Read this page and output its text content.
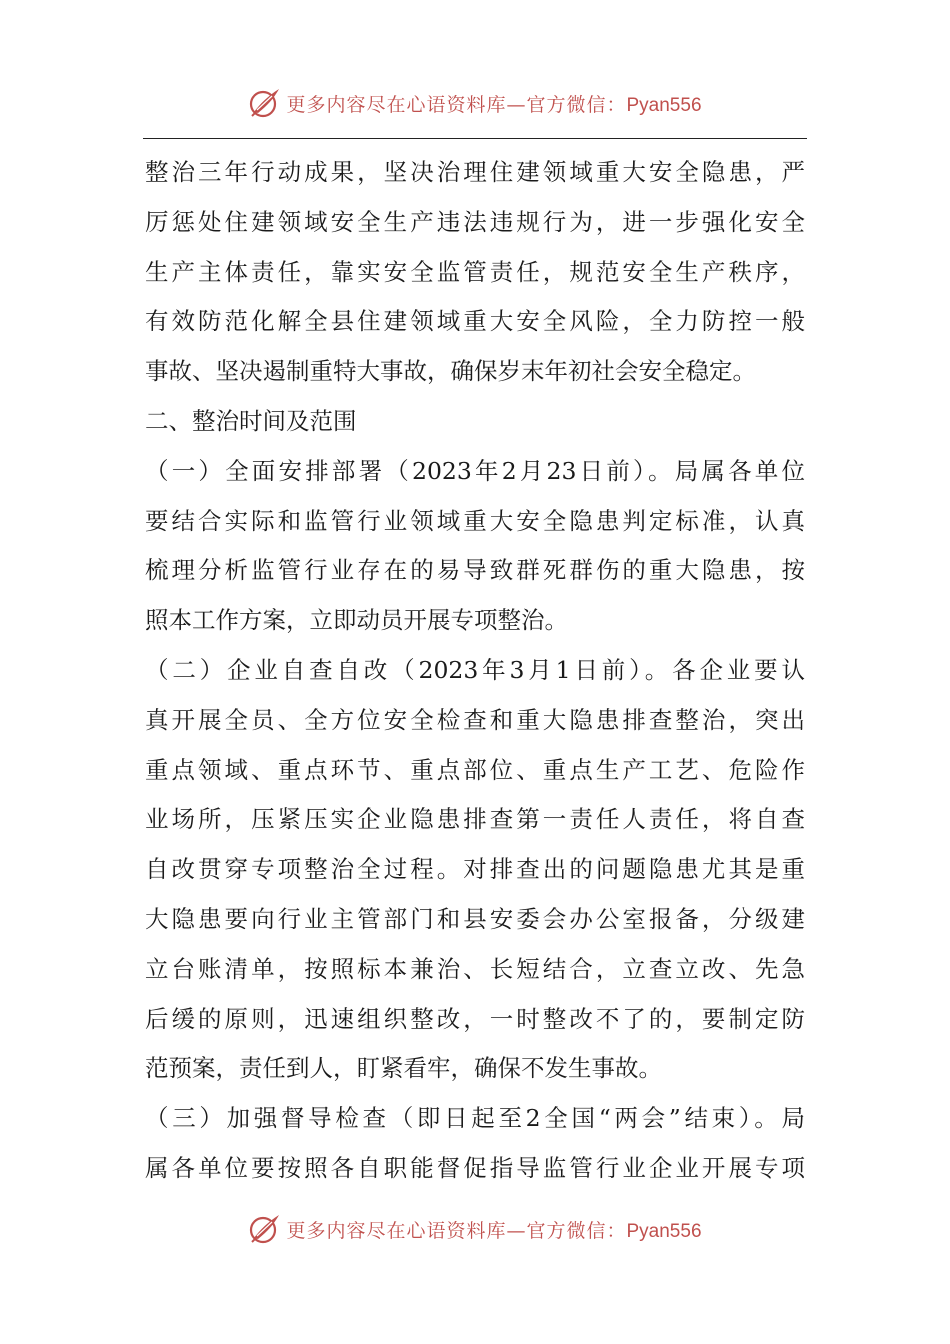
更多内容尽在心语资料库—官方微信：Pyan556
整治三年行动成果，坚决治理住建领域重大安全隐患，严
厉惩处住建领域安全生产违法违规行为，进一步强化安全
生产主体责任，靠实安全监管责任，规范安全生产秩序，
有效防范化解全县住建领域重大安全风险，全力防控一般
事故、坚决遏制重特大事故，确保岁末年初社会安全稳定。
二、整治时间及范围
（一）全面安排部署（2023年2月23日前）。局属各单位
要结合实际和监管行业领域重大安全隐患判定标准，认真
梳理分析监管行业存在的易导致群死群伤的重大隐患，按
照本工作方案，立即动员开展专项整治。
（二）企业自查自改（2023年3月1日前）。各企业要认
真开展全员、全方位安全检查和重大隐患排查整治，突出
重点领域、重点环节、重点部位、重点生产工艺、危险作
业场所，压紧压实企业隐患排查第一责任人责任，将自查
自改贯穿专项整治全过程。对排查出的问题隐患尤其是重
大隐患要向行业主管部门和县安委会办公室报备，分级建
立台账清单，按照标本兼治、长短结合，立查立改、先急
后缓的原则，迅速组织整改，一时整改不了的，要制定防
范预案，责任到人，盯紧看牢，确保不发生事故。
（三）加强督导检查（即日起至2全国“两会”结束）。局
属各单位要按照各自职能督促指导监管行业企业开展专项
更多内容尽在心语资料库—官方微信：Pyan556
